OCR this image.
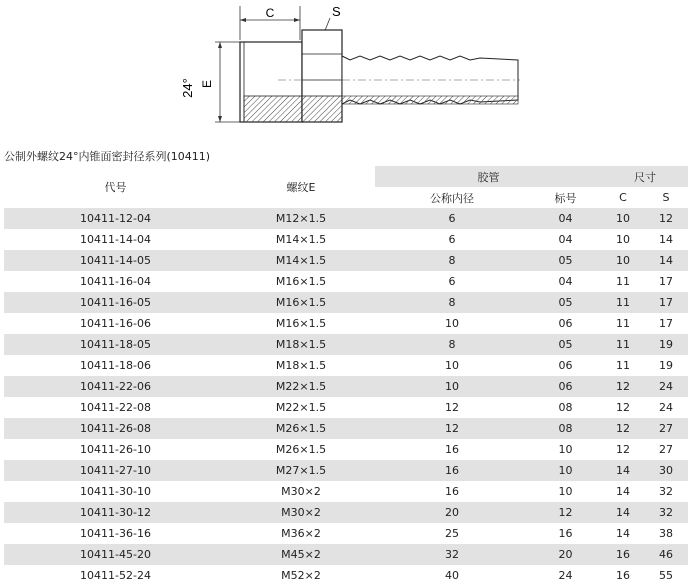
C	S
E
24°
公制外螺纹24°内锥面密封径系列(10411)
代号	螺纹E	胶管		尺寸	
		公称内径	标号	C	S
10411-12-04	M12×1.5	6	04	10	12
10411-14-04	M14×1.5	6	04	10	14
10411-14-05	M14×1.5	8	05	10	14
10411-16-04	M16×1.5	6	04	11	17
10411-16-05	M16×1.5	8	05	11	17
10411-16-06	M16×1.5	10	06	11	17
10411-18-05	M18×1.5	8	05	11	19
10411-18-06	M18×1.5	10	06	11	19
10411-22-06	M22×1.5	10	06	12	24
10411-22-08	M22×1.5	12	08	12	24
10411-26-08	M26×1.5	12	08	12	27
10411-26-10	M26×1.5	16	10	12	27
10411-27-10	M27×1.5	16	10	14	30
10411-30-10	M30×2	16	10	14	32
10411-30-12	M30×2	20	12	14	32
10411-36-16	M36×2	25	16	14	38
10411-45-20	M45×2	32	20	16	46
10411-52-24	M52×2	40	24	16	55
